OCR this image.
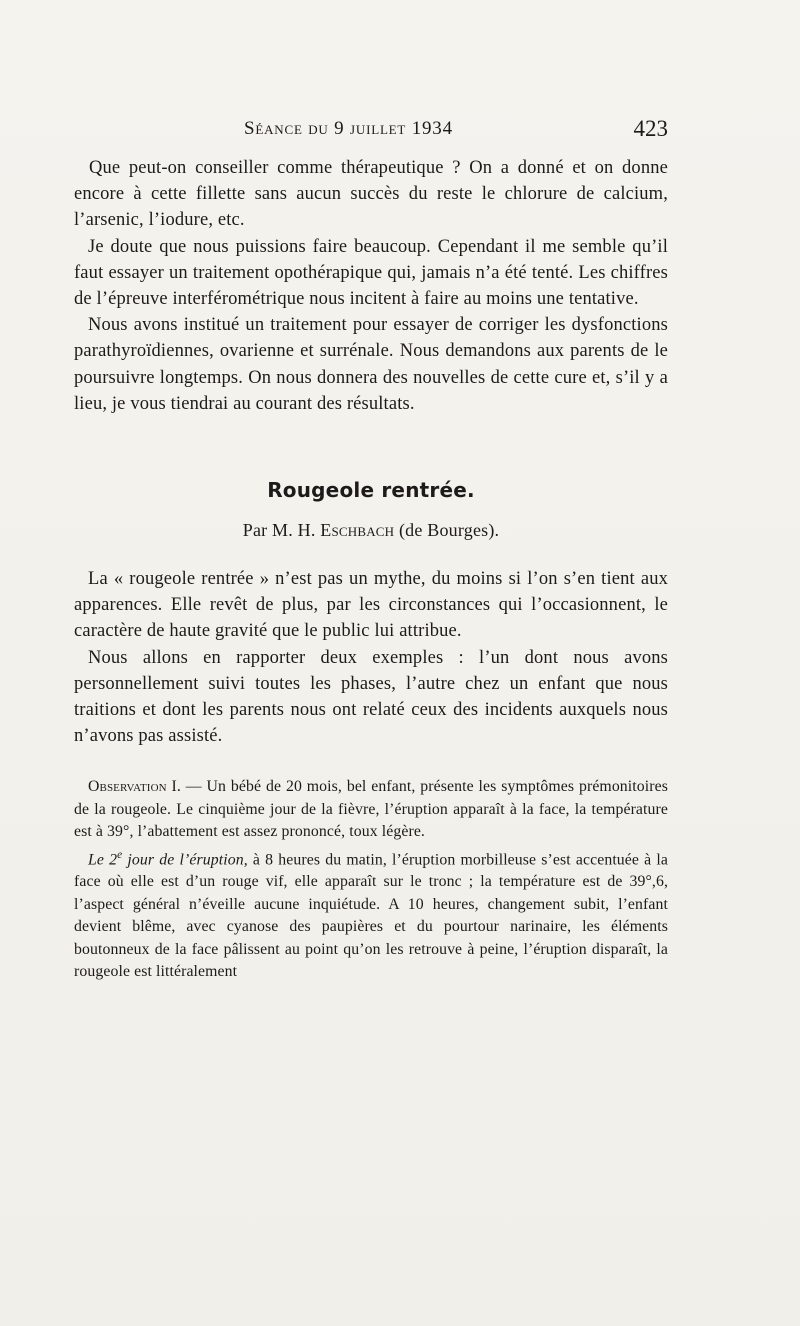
Séance du 9 juillet 1934	423

Que peut-on conseiller comme thérapeutique ? On a donné et on donne encore à cette fillette sans aucun succès du reste le chlorure de calcium, l’arsenic, l’iodure, etc.

Je doute que nous puissions faire beaucoup. Cependant il me semble qu’il faut essayer un traitement opothérapique qui, jamais n’a été tenté. Les chiffres de l’épreuve interférométrique nous incitent à faire au moins une tentative.

Nous avons institué un traitement pour essayer de corriger les dysfonctions parathyroïdiennes, ovarienne et surrénale. Nous demandons aux parents de le poursuivre longtemps. On nous donnera des nouvelles de cette cure et, s’il y a lieu, je vous tiendrai au courant des résultats.

Rougeole rentrée.
Par M. H. Eschbach (de Bourges).

La « rougeole rentrée » n’est pas un mythe, du moins si l’on s’en tient aux apparences. Elle revêt de plus, par les circonstances qui l’occasionnent, le caractère de haute gravité que le public lui attribue.

Nous allons en rapporter deux exemples : l’un dont nous avons personnellement suivi toutes les phases, l’autre chez un enfant que nous traitions et dont les parents nous ont relaté ceux des incidents auxquels nous n’avons pas assisté.

Observation I. — Un bébé de 20 mois, bel enfant, présente les symptômes prémonitoires de la rougeole. Le cinquième jour de la fièvre, l’éruption apparaît à la face, la température est à 39°, l’abattement est assez prononcé, toux légère.

Le 2e jour de l’éruption, à 8 heures du matin, l’éruption morbilleuse s’est accentuée à la face où elle est d’un rouge vif, elle apparaît sur le tronc ; la température est de 39°,6, l’aspect général n’éveille aucune inquiétude. A 10 heures, changement subit, l’enfant devient blême, avec cyanose des paupières et du pourtour narinaire, les éléments boutonneux de la face pâlissent au point qu’on les retrouve à peine, l’éruption disparaît, la rougeole est littéralement
